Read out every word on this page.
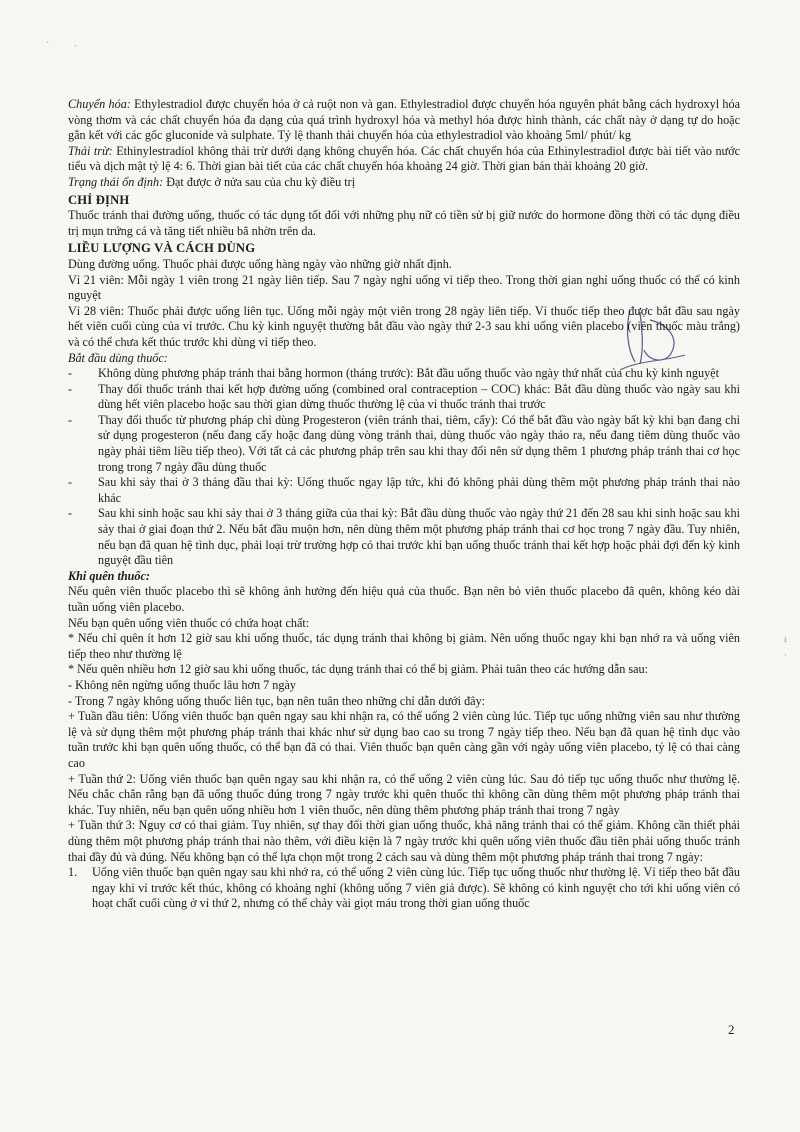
ˋ	ˋ
ı
·

Chuyển hóa: Ethylestradiol được chuyển hóa ở cả ruột non và gan. Ethylestradiol được chuyển hóa nguyên phát bằng cách hydroxyl hóa vòng thơm và các chất chuyển hóa đa dạng của quá trình hydroxyl hóa và methyl hóa được hình thành, các chất này ở dạng tự do hoặc gắn kết với các gốc gluconide và sulphate. Tỷ lệ thanh thải chuyển hóa của ethylestradiol vào khoảng 5ml/ phút/ kg

Thải trừ: Ethinylestradiol không thải trừ dưới dạng không chuyển hóa. Các chất chuyển hóa của Ethinylestradiol được bài tiết vào nước tiểu và dịch mật tỷ lệ 4: 6. Thời gian bài tiết của các chất chuyển hóa khoảng 24 giờ. Thời gian bán thải khoảng 20 giờ.

Trạng thái ổn định: Đạt được ở nửa sau của chu kỳ điều trị

CHỈ ĐỊNH

Thuốc tránh thai đường uống, thuốc có tác dụng tốt đối với những phụ nữ có tiền sử bị giữ nước do hormone đồng thời có tác dụng điều trị mụn trứng cá và tăng tiết nhiều bã nhờn trên da.

LIỀU LƯỢNG VÀ CÁCH DÙNG

Dùng đường uống. Thuốc phải được uống hàng ngày vào những giờ nhất định.

Vỉ 21 viên: Mỗi ngày 1 viên trong 21 ngày liên tiếp. Sau 7 ngày nghỉ uống vỉ tiếp theo. Trong thời gian nghỉ uống thuốc có thể có kinh nguyệt

Vỉ 28 viên: Thuốc phải được uống liên tục. Uống mỗi ngày một viên trong 28 ngày liên tiếp. Vỉ thuốc tiếp theo được bắt đầu sau ngày hết viên cuối cùng của vỉ trước. Chu kỳ kinh nguyệt thường bắt đầu vào ngày thứ 2-3 sau khi uống viên placebo (viên thuốc màu trắng) và có thể chưa kết thúc trước khi dùng vỉ tiếp theo.

Bắt đầu dùng thuốc:

-	Không dùng phương pháp tránh thai bằng hormon (tháng trước): Bắt đầu uống thuốc vào ngày thứ nhất của chu kỳ kinh nguyệt
-	Thay đổi thuốc tránh thai kết hợp đường uống (combined oral contraception – COC) khác: Bắt đầu dùng thuốc vào ngày sau khi dùng hết viên placebo hoặc sau thời gian dừng thuốc thường lệ của vỉ thuốc tránh thai trước
-	Thay đổi thuốc từ phương pháp chỉ dùng Progesteron (viên tránh thai, tiêm, cấy): Có thể bắt đầu vào ngày bất kỳ khi bạn đang chỉ sử dụng progesteron (nếu đang cấy hoặc đang dùng vòng tránh thai, dùng thuốc vào ngày tháo ra, nếu đang tiêm dùng thuốc vào ngày phải tiêm liều tiếp theo). Với tất cả các phương pháp trên sau khi thay đổi nên sử dụng thêm 1 phương pháp tránh thai cơ học trong trong 7 ngày đầu dùng thuốc
-	Sau khi sảy thai ở 3 tháng đầu thai kỳ: Uống thuốc ngay lập tức, khi đó không phải dùng thêm một phương pháp tránh thai nào khác
-	Sau khi sinh hoặc sau khi sảy thai ở 3 tháng giữa của thai kỳ: Bắt đầu dùng thuốc vào ngày thứ 21 đến 28 sau khi sinh hoặc sau khi sảy thai ở giai đoạn thứ 2. Nếu bắt đầu muộn hơn, nên dùng thêm một phương pháp tránh thai cơ học trong 7 ngày đầu. Tuy nhiên, nếu bạn đã quan hệ tình dục, phải loại trừ trường hợp có thai trước khi bạn uống thuốc tránh thai kết hợp hoặc phải đợi đến kỳ kinh nguyệt đầu tiên

Khi quên thuốc:

Nếu quên viên thuốc placebo thì sẽ không ảnh hưởng đến hiệu quả của thuốc. Bạn nên bỏ viên thuốc placebo đã quên, không kéo dài tuần uống viên placebo.

Nếu bạn quên uống viên thuốc có chứa hoạt chất:

* Nếu chỉ quên ít hơn 12 giờ sau khi uống thuốc, tác dụng tránh thai không bị giảm. Nên uống thuốc ngay khi bạn nhớ ra và uống viên tiếp theo như thường lệ

* Nếu quên nhiều hơn 12 giờ sau khi uống thuốc, tác dụng tránh thai có thể bị giảm. Phải tuân theo các hướng dẫn sau:

- Không nên ngừng uống thuốc lâu hơn 7 ngày

- Trong 7 ngày không uống thuốc liên tục, bạn nên tuân theo những chỉ dẫn dưới đây:

+ Tuần đầu tiên: Uống viên thuốc bạn quên ngay sau khi nhận ra, có thể uống 2 viên cùng lúc. Tiếp tục uống những viên sau như thường lệ và sử dụng thêm một phương pháp tránh thai khác như sử dụng bao cao su trong 7 ngày tiếp theo. Nếu bạn đã quan hệ tình dục vào tuần trước khi bạn quên uống thuốc, có thể bạn đã có thai. Viên thuốc bạn quên càng gần với ngày uống viên placebo, tỷ lệ có thai càng cao

+ Tuần thứ 2: Uống viên thuốc bạn quên ngay sau khi nhận ra, có thể uống 2 viên cùng lúc. Sau đó tiếp tục uống thuốc như thường lệ. Nếu chắc chắn rằng bạn đã uống thuốc đúng trong 7 ngày trước khi quên thuốc thì không cần dùng thêm một phương pháp tránh thai khác. Tuy nhiên, nếu bạn quên uống nhiều hơn 1 viên thuốc, nên dùng thêm phương pháp tránh thai trong 7 ngày

+ Tuần thứ 3: Nguy cơ có thai giảm. Tuy nhiên, sự thay đổi thời gian uống thuốc, khả năng tránh thai có thể giảm. Không cần thiết phải dùng thêm một phương pháp tránh thai nào thêm, với điều kiện là 7 ngày trước khi quên uống viên thuốc đầu tiên phải uống thuốc tránh thai đầy đủ và đúng. Nếu không bạn có thể lựa chọn một trong 2 cách sau và dùng thêm một phương pháp tránh thai trong 7 ngày:

1.	Uống viên thuốc bạn quên ngay sau khi nhớ ra, có thể uống 2 viên cùng lúc. Tiếp tục uống thuốc như thường lệ. Vỉ tiếp theo bắt đầu ngay khi vỉ trước kết thúc, không có khoảng nghỉ (không uống 7 viên giả được). Sẽ không có kinh nguyệt cho tới khi uống viên có hoạt chất cuối cùng ở vỉ thứ 2, nhưng có thể chảy vài giọt máu trong thời gian uống thuốc
2
